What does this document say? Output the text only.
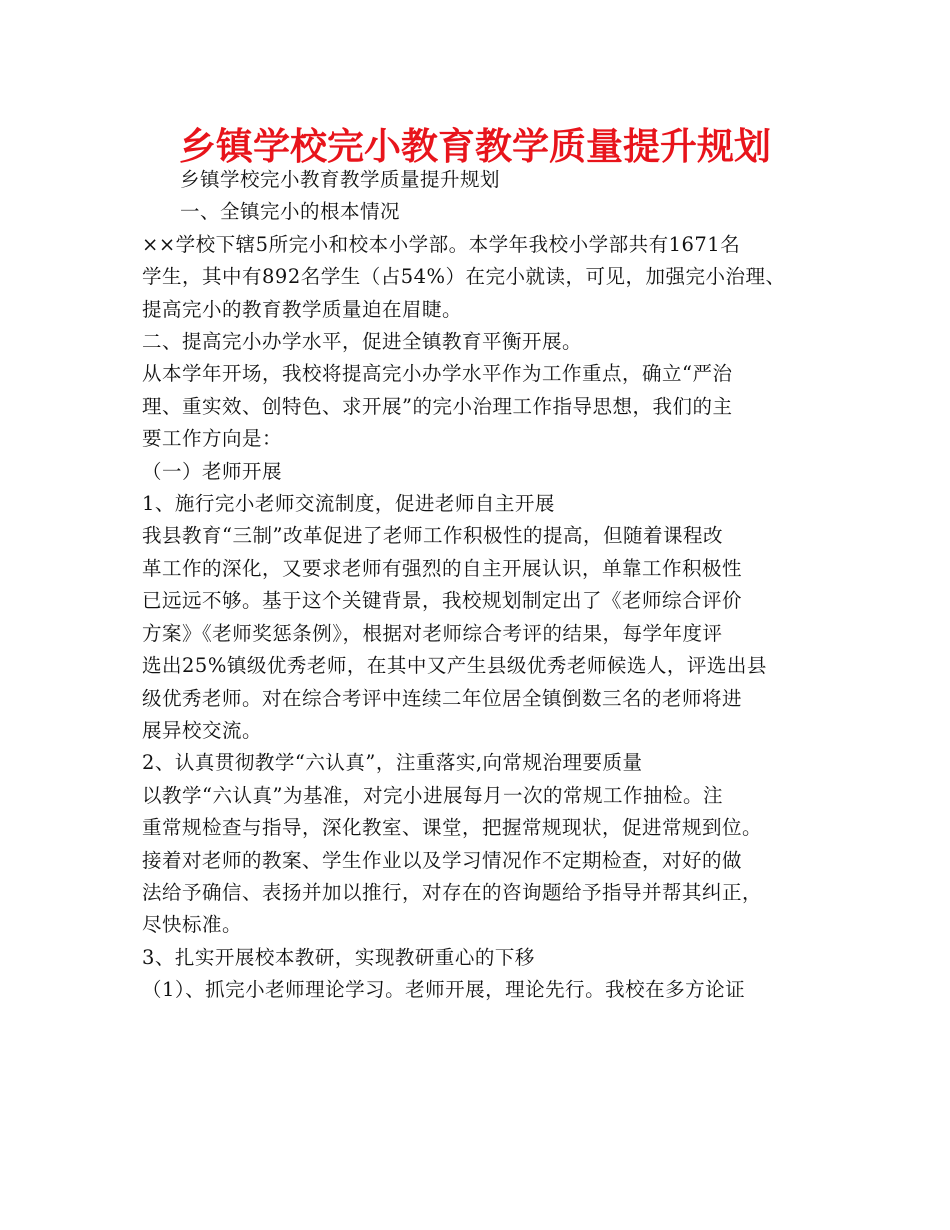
乡镇学校完小教育教学质量提升规划

乡镇学校完小教育教学质量提升规划

一、全镇完小的根本情况

××学校下辖5所完小和校本小学部。本学年我校小学部共有1671名

学生，其中有892名学生（占54%）在完小就读，可见，加强完小治理、

提高完小的教育教学质量迫在眉睫。

二、提高完小办学水平，促进全镇教育平衡开展。

从本学年开场，我校将提高完小办学水平作为工作重点，确立“严治

理、重实效、创特色、求开展”的完小治理工作指导思想，我们的主

要工作方向是：

（一）老师开展

1、施行完小老师交流制度，促进老师自主开展

我县教育“三制”改革促进了老师工作积极性的提高，但随着课程改

革工作的深化，又要求老师有强烈的自主开展认识，单靠工作积极性

已远远不够。基于这个关键背景，我校规划制定出了《老师综合评价

方案》《老师奖惩条例》，根据对老师综合考评的结果，每学年度评

选出25%镇级优秀老师，在其中又产生县级优秀老师候选人，评选出县

级优秀老师。对在综合考评中连续二年位居全镇倒数三名的老师将进

展异校交流。

2、认真贯彻教学“六认真”，注重落实,向常规治理要质量

以教学“六认真”为基准，对完小进展每月一次的常规工作抽检。注

重常规检查与指导，深化教室、课堂，把握常规现状，促进常规到位。

接着对老师的教案、学生作业以及学习情况作不定期检查，对好的做

法给予确信、表扬并加以推行，对存在的咨询题给予指导并帮其纠正，

尽快标准。

3、扎实开展校本教研，实现教研重心的下移

（1）、抓完小老师理论学习。老师开展，理论先行。我校在多方论证
